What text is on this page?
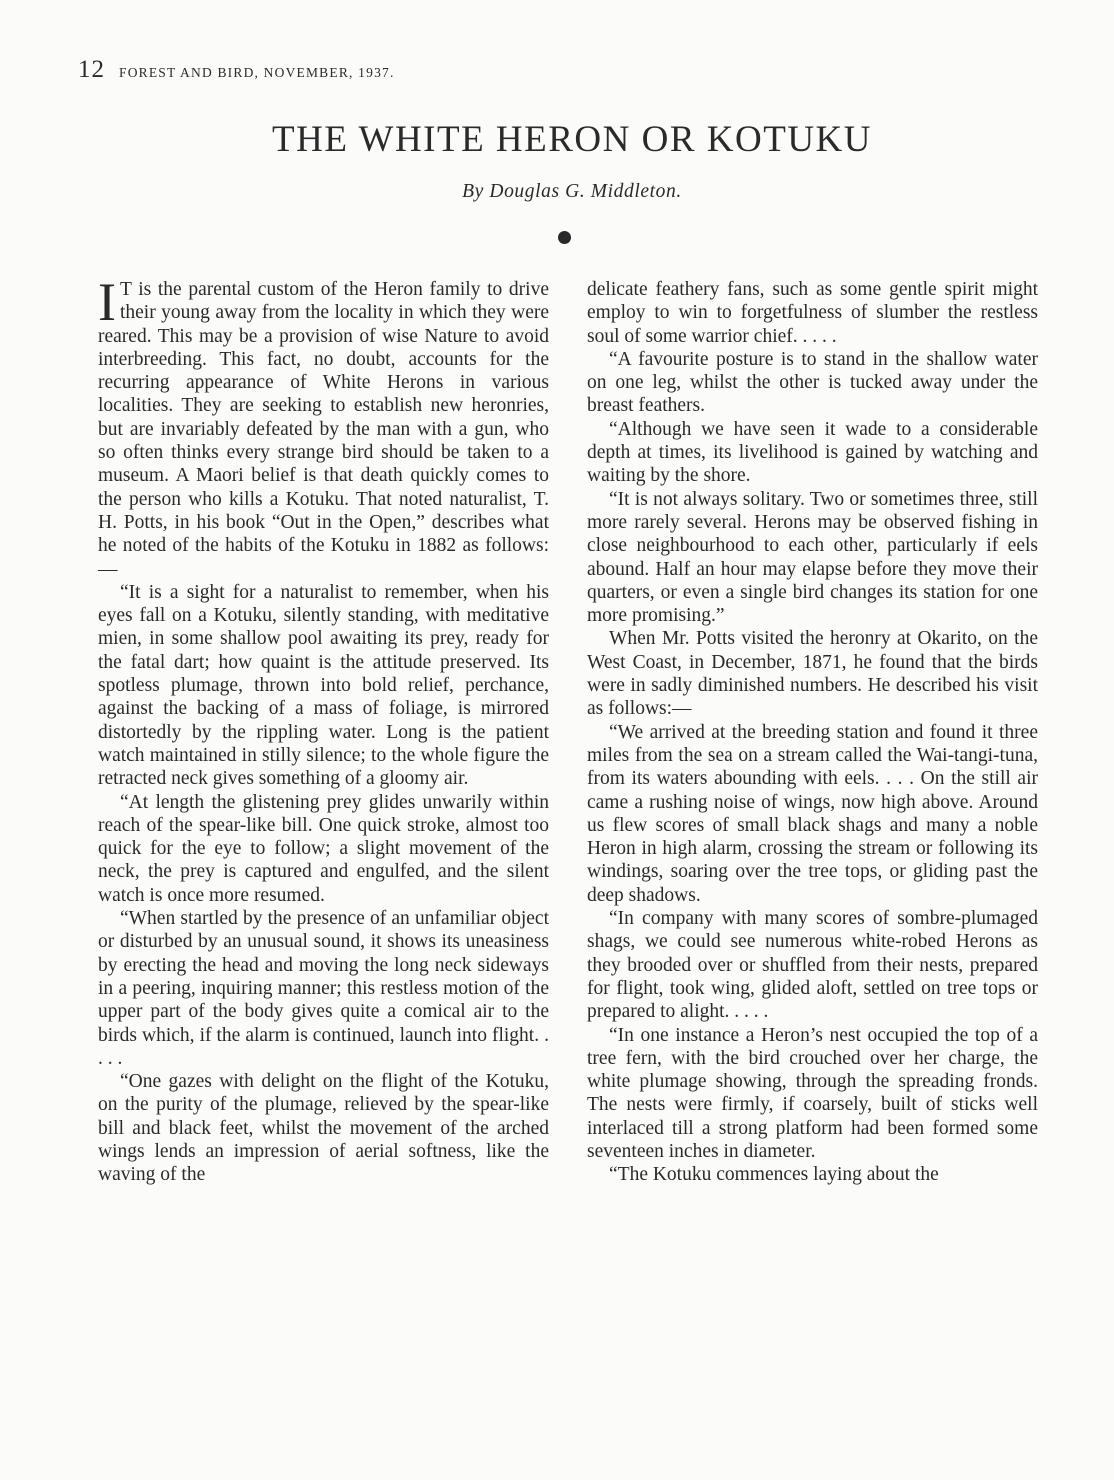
12 FOREST AND BIRD, NOVEMBER, 1937.
THE WHITE HERON OR KOTUKU
By Douglas G. Middleton.

I T is the parental custom of the Heron family to drive their young away from the locality in which they were reared. This may be a provision of wise Nature to avoid interbreeding. This fact, no doubt, accounts for the recurring appearance of White Herons in various localities. They are seeking to establish new heronries, but are invariably defeated by the man with a gun, who so often thinks every strange bird should be taken to a museum. A Maori belief is that death quickly comes to the person who kills a Kotuku. That noted naturalist, T. H. Potts, in his book “Out in the Open,” describes what he noted of the habits of the Kotuku in 1882 as follows:—

“It is a sight for a naturalist to remember, when his eyes fall on a Kotuku, silently standing, with meditative mien, in some shallow pool awaiting its prey, ready for the fatal dart; how quaint is the attitude preserved. Its spotless plumage, thrown into bold relief, perchance, against the backing of a mass of foliage, is mirrored distortedly by the rippling water. Long is the patient watch maintained in stilly silence; to the whole figure the retracted neck gives something of a gloomy air.

“At length the glistening prey glides unwarily within reach of the spear-like bill. One quick stroke, almost too quick for the eye to follow; a slight movement of the neck, the prey is captured and engulfed, and the silent watch is once more resumed.

“When startled by the presence of an unfamiliar object or disturbed by an unusual sound, it shows its uneasiness by erecting the head and moving the long neck sideways in a peering, inquiring manner; this restless motion of the upper part of the body gives quite a comical air to the birds which, if the alarm is continued, launch into flight. . . . .

“One gazes with delight on the flight of the Kotuku, on the purity of the plumage, relieved by the spear-like bill and black feet, whilst the movement of the arched wings lends an impression of aerial softness, like the waving of the

delicate feathery fans, such as some gentle spirit might employ to win to forgetfulness of slumber the restless soul of some warrior chief. . . . .

“A favourite posture is to stand in the shallow water on one leg, whilst the other is tucked away under the breast feathers.

“Although we have seen it wade to a considerable depth at times, its livelihood is gained by watching and waiting by the shore.

“It is not always solitary. Two or sometimes three, still more rarely several. Herons may be observed fishing in close neighbourhood to each other, particularly if eels abound. Half an hour may elapse before they move their quarters, or even a single bird changes its station for one more promising.”

When Mr. Potts visited the heronry at Okarito, on the West Coast, in December, 1871, he found that the birds were in sadly diminished numbers. He described his visit as follows:—

“We arrived at the breeding station and found it three miles from the sea on a stream called the Wai-tangi-tuna, from its waters abounding with eels. . . . On the still air came a rushing noise of wings, now high above. Around us flew scores of small black shags and many a noble Heron in high alarm, crossing the stream or following its windings, soaring over the tree tops, or gliding past the deep shadows.

“In company with many scores of sombre-plumaged shags, we could see numerous white-robed Herons as they brooded over or shuffled from their nests, prepared for flight, took wing, glided aloft, settled on tree tops or prepared to alight. . . . .

“In one instance a Heron’s nest occupied the top of a tree fern, with the bird crouched over her charge, the white plumage showing, through the spreading fronds. The nests were firmly, if coarsely, built of sticks well interlaced till a strong platform had been formed some seventeen inches in diameter.

“The Kotuku commences laying about the
